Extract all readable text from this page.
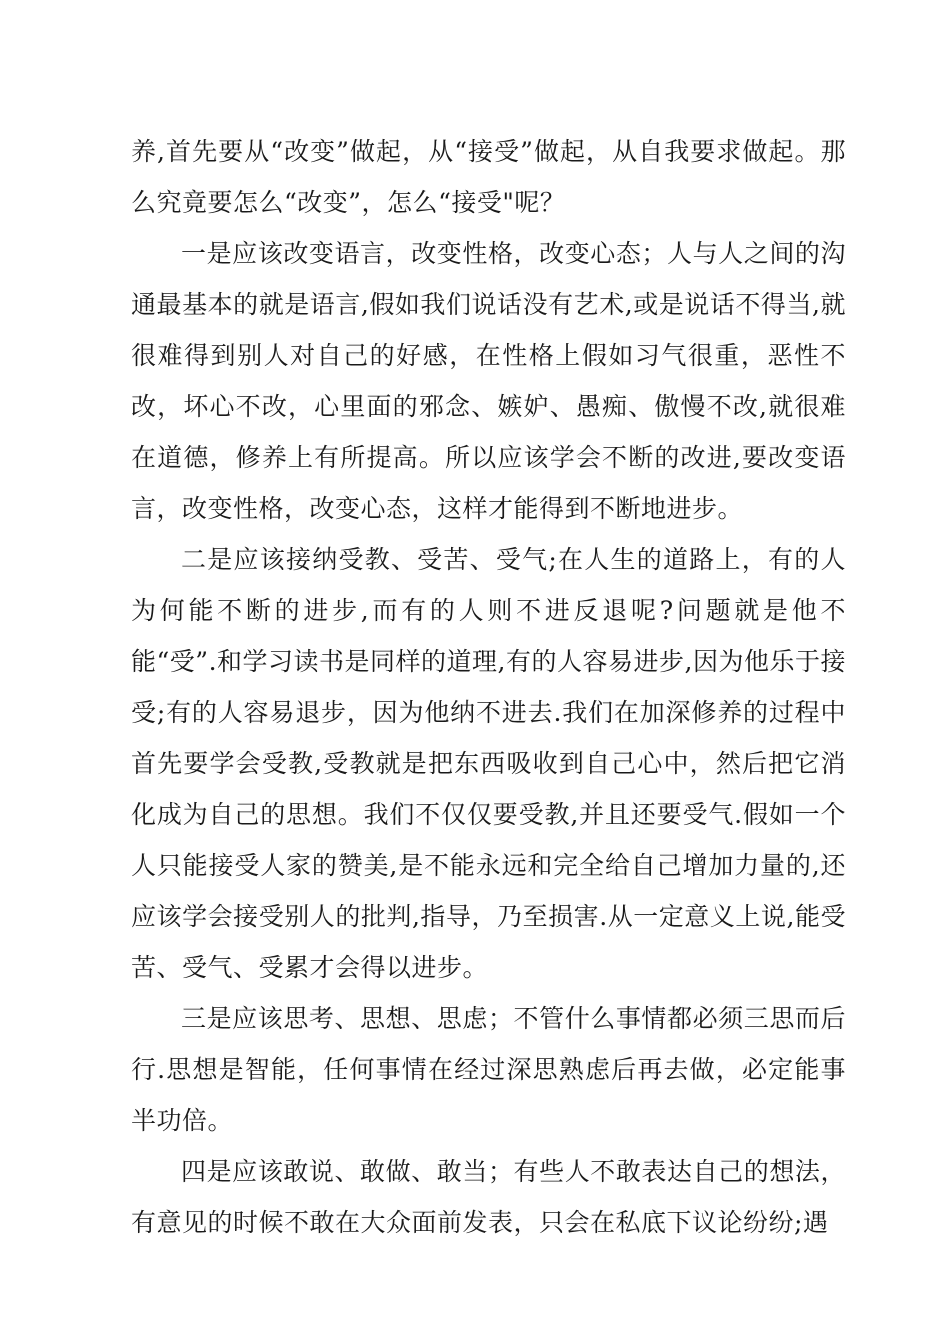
养,首先要从“改变”做起，从“接受”做起，从自我要求做起。那么究竟要怎么“改变”，怎么“接受"呢？

一是应该改变语言，改变性格，改变心态；人与人之间的沟通最基本的就是语言,假如我们说话没有艺术,或是说话不得当,就很难得到别人对自己的好感，在性格上假如习气很重，恶性不改，坏心不改，心里面的邪念、嫉妒、愚痴、傲慢不改,就很难在道德，修养上有所提高。所以应该学会不断的改进,要改变语言，改变性格，改变心态，这样才能得到不断地进步。

二是应该接纳受教、受苦、受气;在人生的道路上，有的人为何能不断的进步,而有的人则不进反退呢?问题就是他不能“受”.和学习读书是同样的道理,有的人容易进步,因为他乐于接受;有的人容易退步，因为他纳不进去.我们在加深修养的过程中首先要学会受教,受教就是把东西吸收到自己心中，然后把它消化成为自己的思想。我们不仅仅要受教,并且还要受气.假如一个人只能接受人家的赞美,是不能永远和完全给自己增加力量的,还应该学会接受别人的批判,指导，乃至损害.从一定意义上说,能受苦、受气、受累才会得以进步。

三是应该思考、思想、思虑；不管什么事情都必须三思而后行.思想是智能，任何事情在经过深思熟虑后再去做，必定能事半功倍。

四是应该敢说、敢做、敢当；有些人不敢表达自己的想法，有意见的时候不敢在大众面前发表，只会在私底下议论纷纷;遇
